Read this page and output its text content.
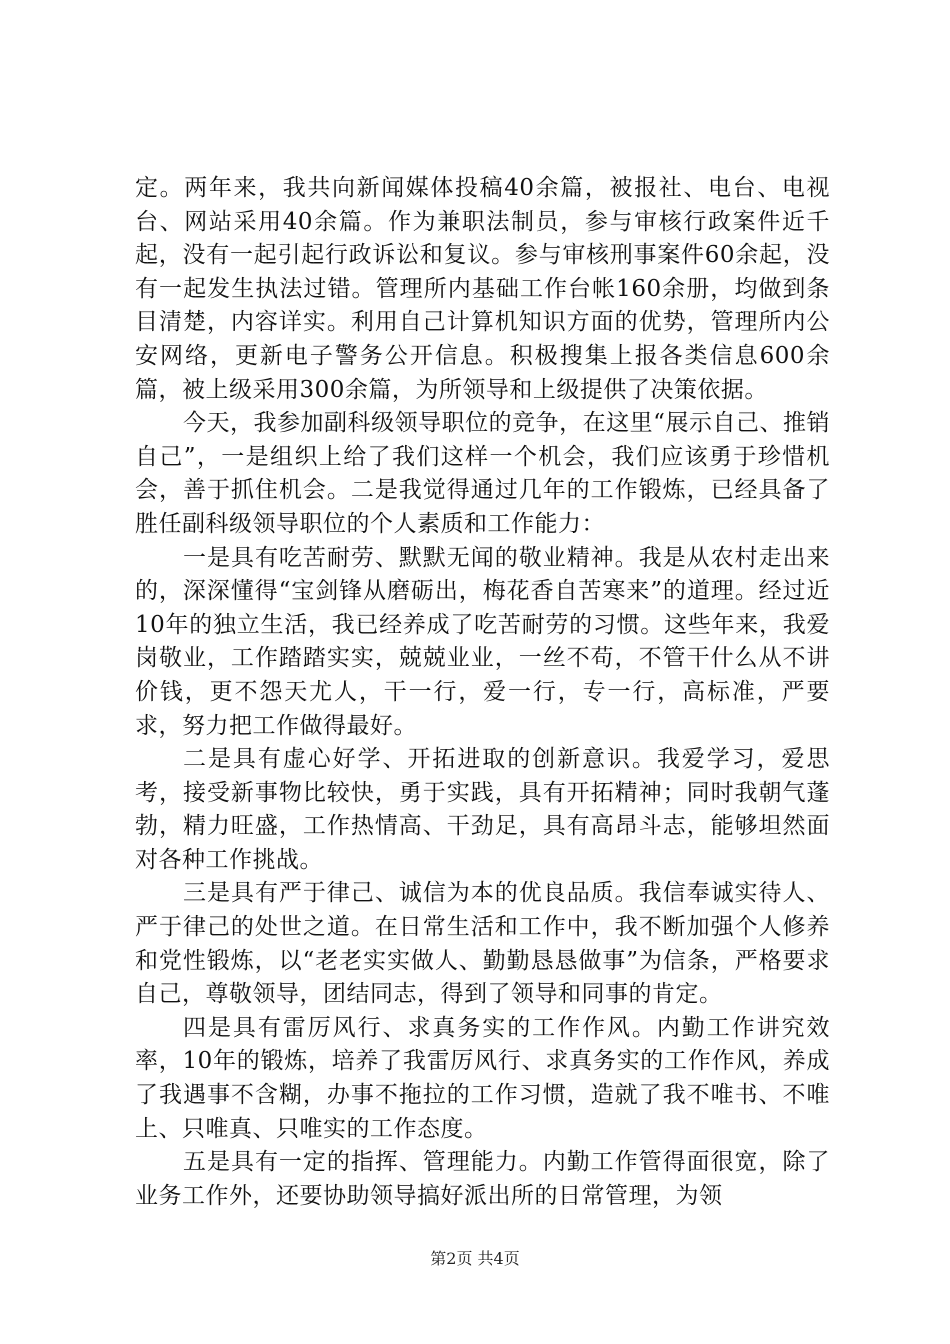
定。两年来，我共向新闻媒体投稿40余篇，被报社、电台、电视台、网站采用40余篇。作为兼职法制员，参与审核行政案件近千起，没有一起引起行政诉讼和复议。参与审核刑事案件60余起，没有一起发生执法过错。管理所内基础工作台帐160余册，均做到条目清楚，内容详实。利用自己计算机知识方面的优势，管理所内公安网络，更新电子警务公开信息。积极搜集上报各类信息600余篇，被上级采用300余篇，为所领导和上级提供了决策依据。

今天，我参加副科级领导职位的竞争，在这里“展示自己、推销自己”，一是组织上给了我们这样一个机会，我们应该勇于珍惜机会，善于抓住机会。二是我觉得通过几年的工作锻炼，已经具备了胜任副科级领导职位的个人素质和工作能力：

一是具有吃苦耐劳、默默无闻的敬业精神。我是从农村走出来的，深深懂得“宝剑锋从磨砺出，梅花香自苦寒来”的道理。经过近10年的独立生活，我已经养成了吃苦耐劳的习惯。这些年来，我爱岗敬业，工作踏踏实实，兢兢业业，一丝不苟，不管干什么从不讲价钱，更不怨天尤人，干一行，爱一行，专一行，高标准，严要求，努力把工作做得最好。

二是具有虚心好学、开拓进取的创新意识。我爱学习，爱思考，接受新事物比较快，勇于实践，具有开拓精神；同时我朝气蓬勃，精力旺盛，工作热情高、干劲足，具有高昂斗志，能够坦然面对各种工作挑战。

三是具有严于律己、诚信为本的优良品质。我信奉诚实待人、严于律己的处世之道。在日常生活和工作中，我不断加强个人修养和党性锻炼，以“老老实实做人、勤勤恳恳做事”为信条，严格要求自己，尊敬领导，团结同志，得到了领导和同事的肯定。

四是具有雷厉风行、求真务实的工作作风。内勤工作讲究效率，10年的锻炼，培养了我雷厉风行、求真务实的工作作风，养成了我遇事不含糊，办事不拖拉的工作习惯，造就了我不唯书、不唯上、只唯真、只唯实的工作态度。

五是具有一定的指挥、管理能力。内勤工作管得面很宽，除了业务工作外，还要协助领导搞好派出所的日常管理，为领

第2页 共4页
